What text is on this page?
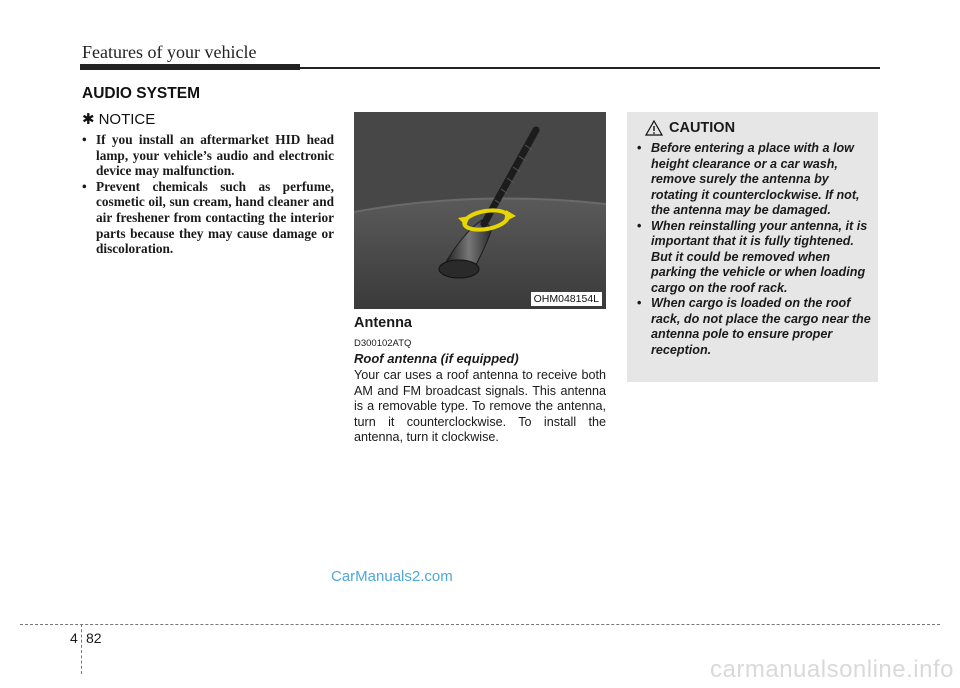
Features of your vehicle
AUDIO SYSTEM
✱ NOTICE
• If you install an aftermarket HID head lamp, your vehicle’s audio and electronic device may malfunction.
• Prevent chemicals such as perfume, cosmetic oil, sun cream, hand cleaner and air freshener from contacting the interior parts because they may cause damage or discoloration.
OHM048154L
Antenna
D300102ATQ
Roof antenna (if equipped)
Your car uses a roof antenna to receive both AM and FM broadcast signals. This antenna is a removable type. To remove the antenna, turn it counterclockwise. To install the antenna, turn it clockwise.
CAUTION
• Before entering a place with a low height clearance or a car wash, remove surely the antenna by rotating it counterclockwise. If not, the antenna may be damaged.
• When reinstalling your antenna, it is important that it is fully tightened. But it could be removed when parking the vehicle or when loading cargo on the roof rack.
• When cargo is loaded on the roof rack, do not place the cargo near the antenna pole to ensure proper reception.
CarManuals2.com
4 82
carmanualsonline.info
